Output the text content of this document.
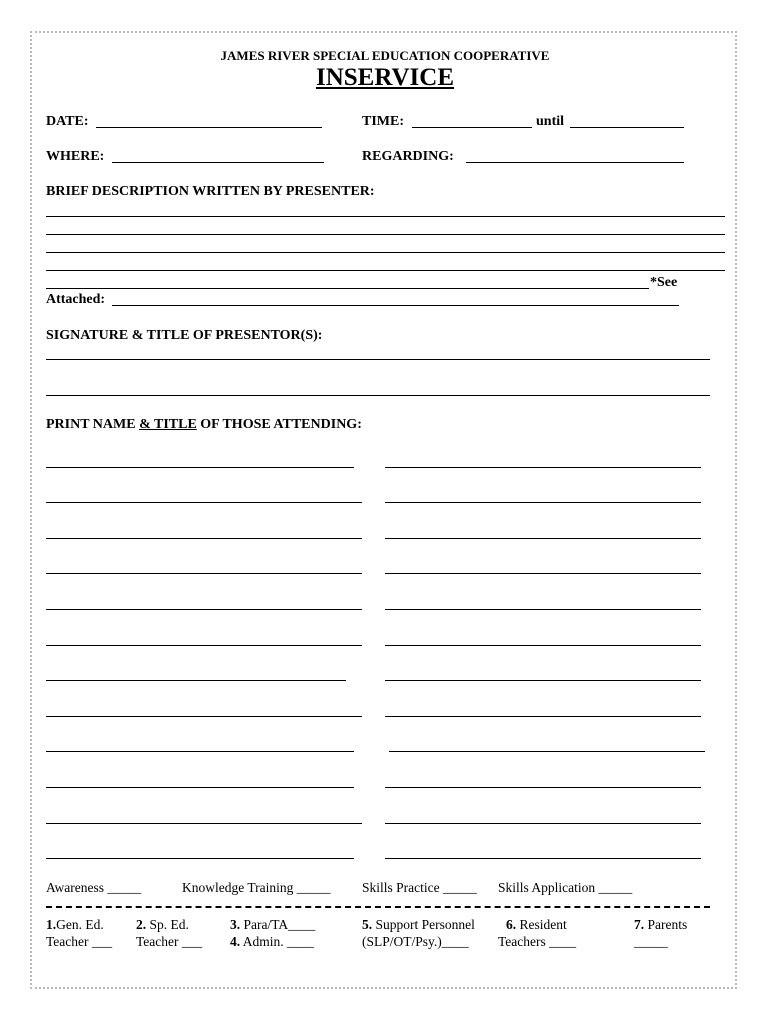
JAMES RIVER SPECIAL EDUCATION COOPERATIVE
INSERVICE
DATE:	TIME:	until
WHERE:	REGARDING:
BRIEF DESCRIPTION WRITTEN BY PRESENTER:
*See
Attached:
SIGNATURE & TITLE OF PRESENTOR(S):
PRINT NAME & TITLE OF THOSE ATTENDING:
Awareness _____	Knowledge Training _____ Skills Practice _____ Skills Application _____
1.Gen. Ed.
Teacher ___
2. Sp. Ed.
Teacher ___
3. Para/TA____
4. Admin. ____
5. Support Personnel
(SLP/OT/Psy.)____
6. Resident
Teachers ____
7. Parents
_____
